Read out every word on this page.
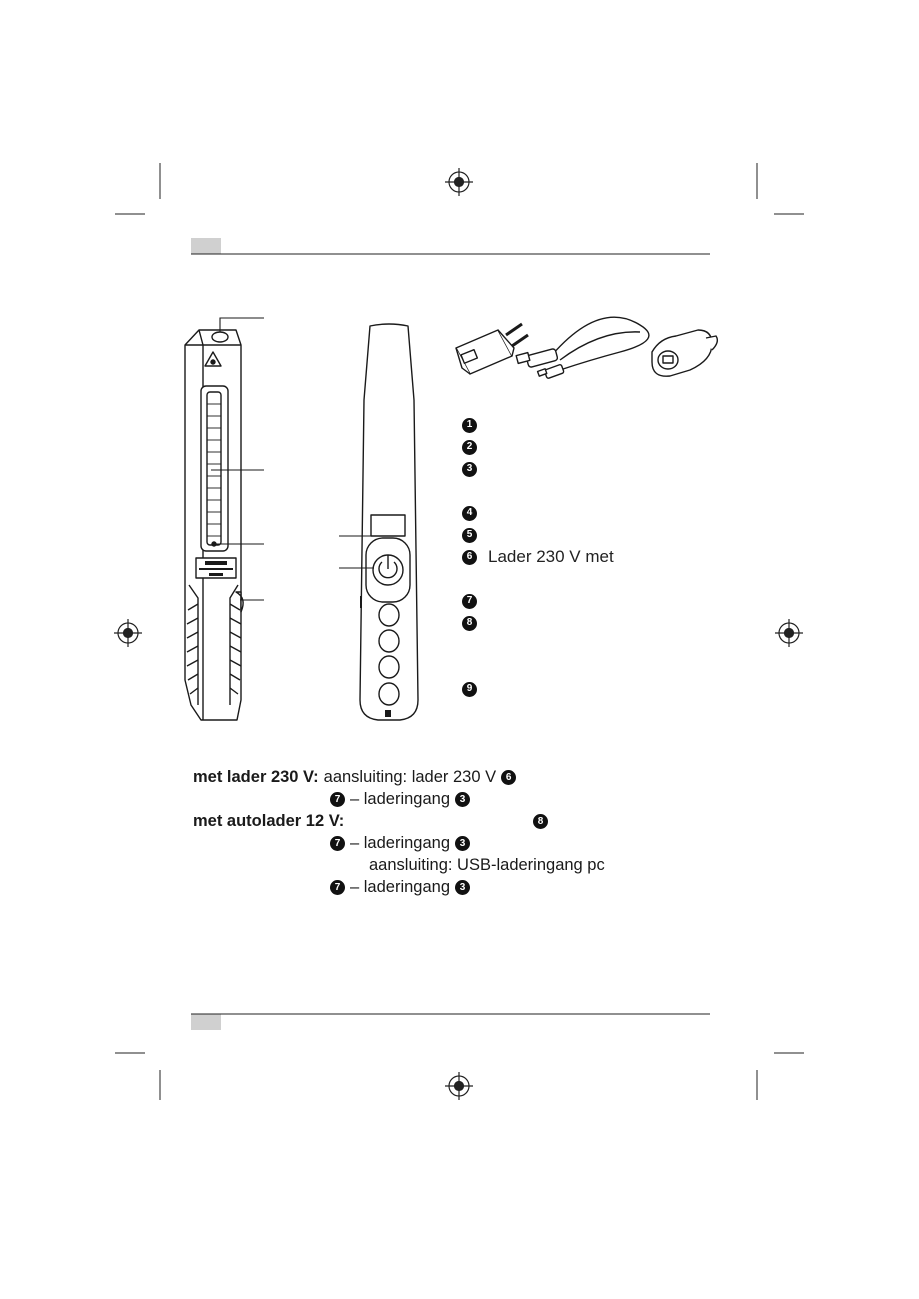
1
2
3
4
5
6 Lader 230 V met
7
8
9
met lader 230 V: aansluiting: lader 230 V 6
7 – laderingang 3
met autolader 12 V:	8
7 – laderingang 3
aansluiting: USB-laderingang pc
7 – laderingang 3
